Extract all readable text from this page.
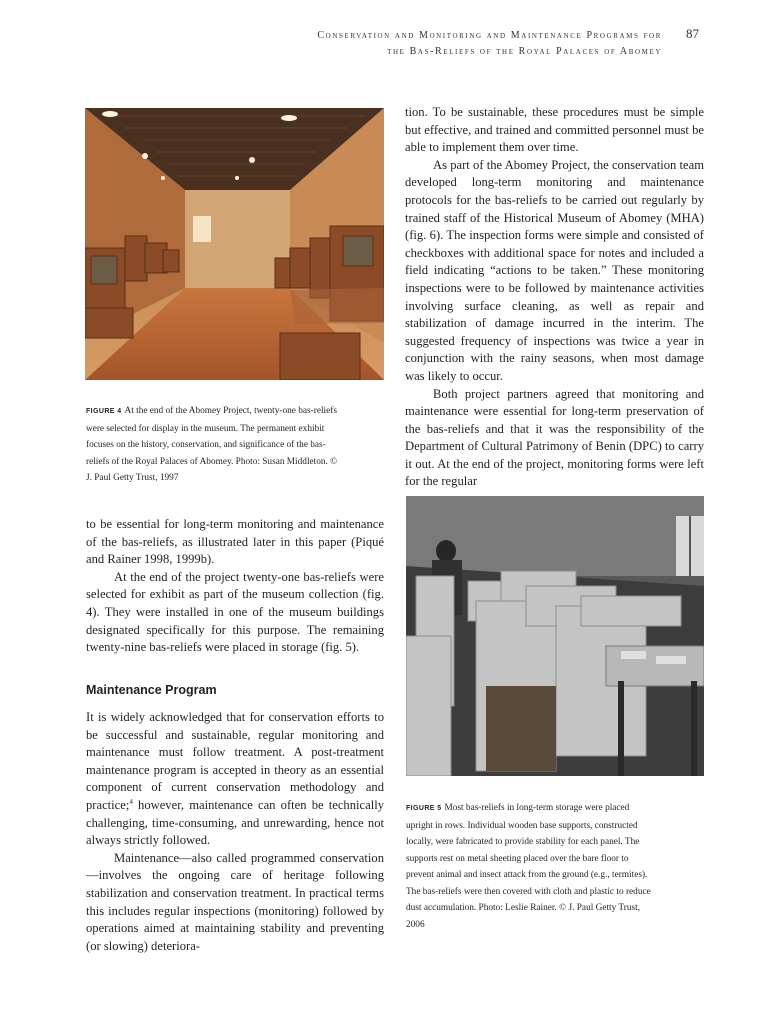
Conservation and Monitoring and Maintenance Programs for
the Bas-Reliefs of the Royal Palaces of Abomey
87
FIGURE 4 At the end of the Abomey Project, twenty-one bas-reliefs were selected for display in the museum. The permanent exhibit focuses on the history, conservation, and significance of the bas-reliefs of the Royal Palaces of Abomey. Photo: Susan Middleton. © J. Paul Getty Trust, 1997

tion. To be sustainable, these procedures must be simple but effective, and trained and committed personnel must be able to implement them over time.

As part of the Abomey Project, the conservation team developed long-term monitoring and maintenance protocols for the bas-reliefs to be carried out regularly by trained staff of the Historical Museum of Abomey (MHA) (fig. 6). The inspection forms were simple and consisted of checkboxes with additional space for notes and included a field indicating “actions to be taken.” These monitoring inspections were to be followed by maintenance activities involving surface cleaning, as well as repair and stabilization of damage incurred in the interim. The suggested frequency of inspections was twice a year in conjunction with the rainy seasons, when most damage was likely to occur.

Both project partners agreed that monitoring and maintenance were essential for long-term preservation of the bas-reliefs and that it was the responsibility of the Department of Cultural Patrimony of Benin (DPC) to carry it out. At the end of the project, monitoring forms were left for the regular

FIGURE 5 Most bas-reliefs in long-term storage were placed upright in rows. Individual wooden base supports, constructed locally, were fabricated to provide stability for each panel. The supports rest on metal sheeting placed over the bare floor to prevent animal and insect attack from the ground (e.g., termites). The bas-reliefs were then covered with cloth and plastic to reduce dust accumulation. Photo: Leslie Rainer. © J. Paul Getty Trust, 2006

to be essential for long-term monitoring and maintenance of the bas-reliefs, as illustrated later in this paper (Piqué and Rainer 1998, 1999b).

At the end of the project twenty-one bas-reliefs were selected for exhibit as part of the museum collection (fig. 4). They were installed in one of the museum buildings designated specifically for this purpose. The remaining twenty-nine bas-reliefs were placed in storage (fig. 5).

Maintenance Program

It is widely acknowledged that for conservation efforts to be successful and sustainable, regular monitoring and maintenance must follow treatment. A post-treatment maintenance program is accepted in theory as an essential component of current conservation methodology and practice;$^4$ however, maintenance can often be technically challenging, time-consuming, and unrewarding, hence not always strictly followed.

Maintenance—also called programmed conservation—involves the ongoing care of heritage following stabilization and conservation treatment. In practical terms this includes regular inspections (monitoring) followed by operations aimed at maintaining stability and preventing (or slowing) deteriora-
